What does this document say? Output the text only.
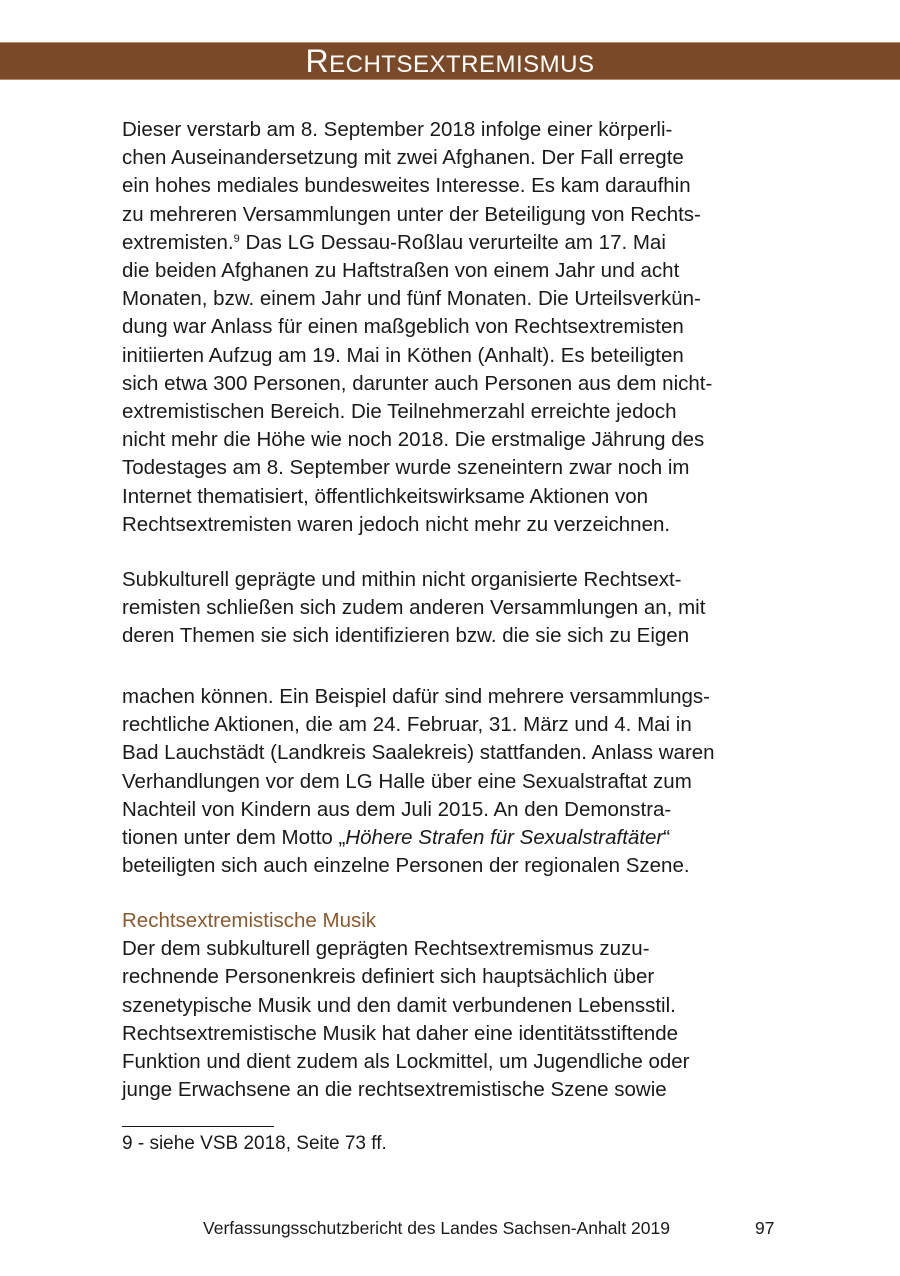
RECHTSEXTREMISMUS

Dieser verstarb am 8. September 2018 infolge einer körperli-

chen Auseinandersetzung mit zwei Afghanen. Der Fall erregte

ein hohes mediales bundesweites Interesse. Es kam daraufhin

zu mehreren Versammlungen unter der Beteiligung von Rechts-

extremisten.$^9$ Das LG Dessau-Roßlau verurteilte am 17. Mai

die beiden Afghanen zu Haftstraßen von einem Jahr und acht

Monaten, bzw. einem Jahr und fünf Monaten. Die Urteilsverkün-

dung war Anlass für einen maßgeblich von Rechtsextremisten

initiierten Aufzug am 19. Mai in Köthen (Anhalt). Es beteiligten

sich etwa 300 Personen, darunter auch Personen aus dem nicht-

extremistischen Bereich. Die Teilnehmerzahl erreichte jedoch

nicht mehr die Höhe wie noch 2018. Die erstmalige Jährung des

Todestages am 8. September wurde szeneintern zwar noch im

Internet thematisiert, öffentlichkeitswirksame Aktionen von

Rechtsextremisten waren jedoch nicht mehr zu verzeichnen.

Subkulturell geprägte und mithin nicht organisierte Rechtsext-

remisten schließen sich zudem anderen Versammlungen an, mit

deren Themen sie sich identifizieren bzw. die sie sich zu Eigen

machen können. Ein Beispiel dafür sind mehrere versammlungs-

rechtliche Aktionen, die am 24. Februar, 31. März und 4. Mai in

Bad Lauchstädt (Landkreis Saalekreis) stattfanden. Anlass waren

Verhandlungen vor dem LG Halle über eine Sexualstraftat zum

Nachteil von Kindern aus dem Juli 2015. An den Demonstra-

tionen unter dem Motto „Höhere Strafen für Sexualstraftäter“

beteiligten sich auch einzelne Personen der regionalen Szene.

Rechtsextremistische Musik

Der dem subkulturell geprägten Rechtsextremismus zuzu-

rechnende Personenkreis definiert sich hauptsächlich über

szenetypische Musik und den damit verbundenen Lebensstil.

Rechtsextremistische Musik hat daher eine identitätsstiftende

Funktion und dient zudem als Lockmittel, um Jugendliche oder

junge Erwachsene an die rechtsextremistische Szene sowie

9 - siehe VSB 2018, Seite 73 ff.
Verfassungsschutzbericht des Landes Sachsen-Anhalt 2019	97
